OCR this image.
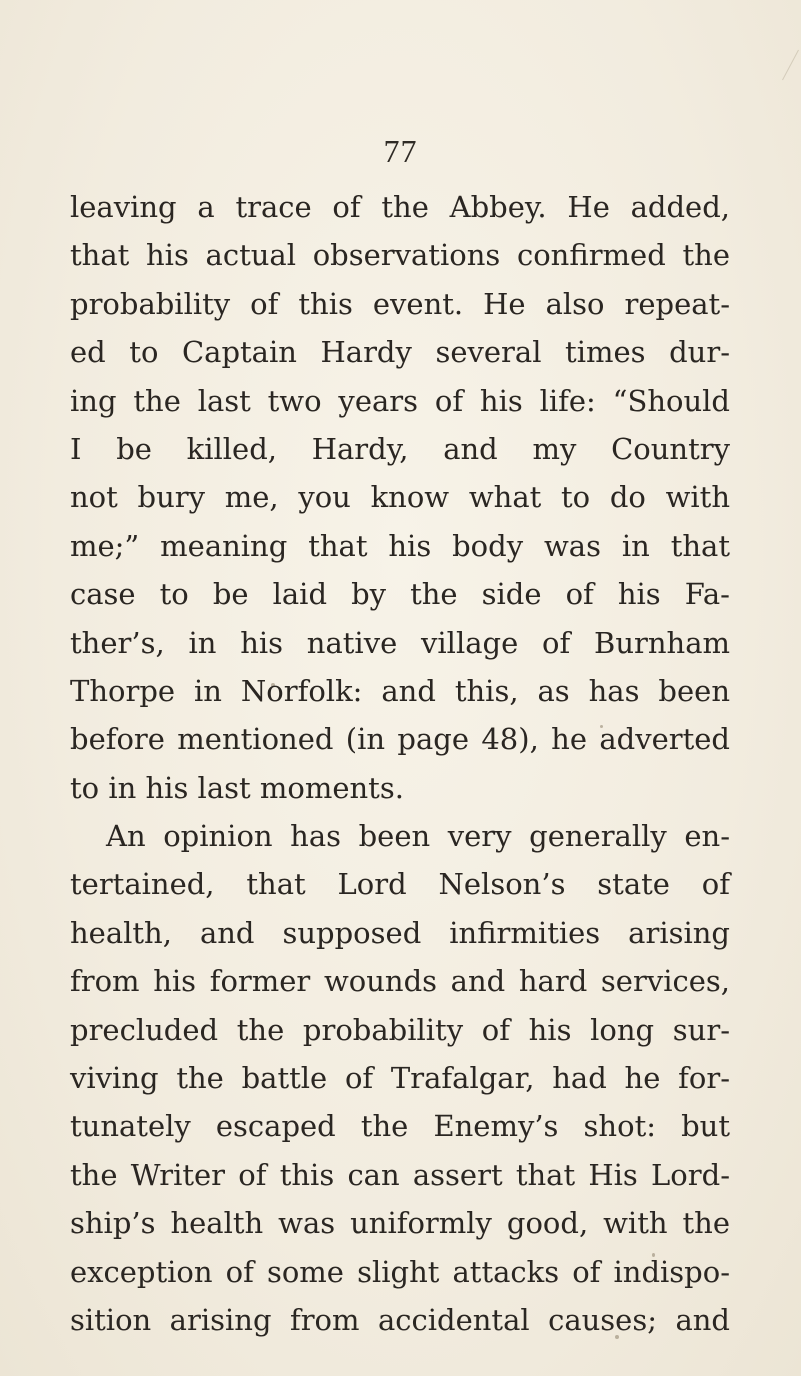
77
leaving a trace of the Abbey. He added,
that his actual observations confirmed the
probability of this event. He also repeat-
ed to Captain Hardy several times dur-
ing the last two years of his life: “Should
I be killed, Hardy, and my Country
not bury me, you know what to do with
me;” meaning that his body was in that
case to be laid by the side of his Fa-
ther’s, in his native village of Burnham
Thorpe in Norfolk: and this, as has been
before mentioned (in page 48), he adverted
to in his last moments.
An opinion has been very generally en-
tertained, that Lord Nelson’s state of
health, and supposed infirmities arising
from his former wounds and hard services,
precluded the probability of his long sur-
viving the battle of Trafalgar, had he for-
tunately escaped the Enemy’s shot: but
the Writer of this can assert that His Lord-
ship’s health was uniformly good, with the
exception of some slight attacks of indispo-
sition arising from accidental causes; and
